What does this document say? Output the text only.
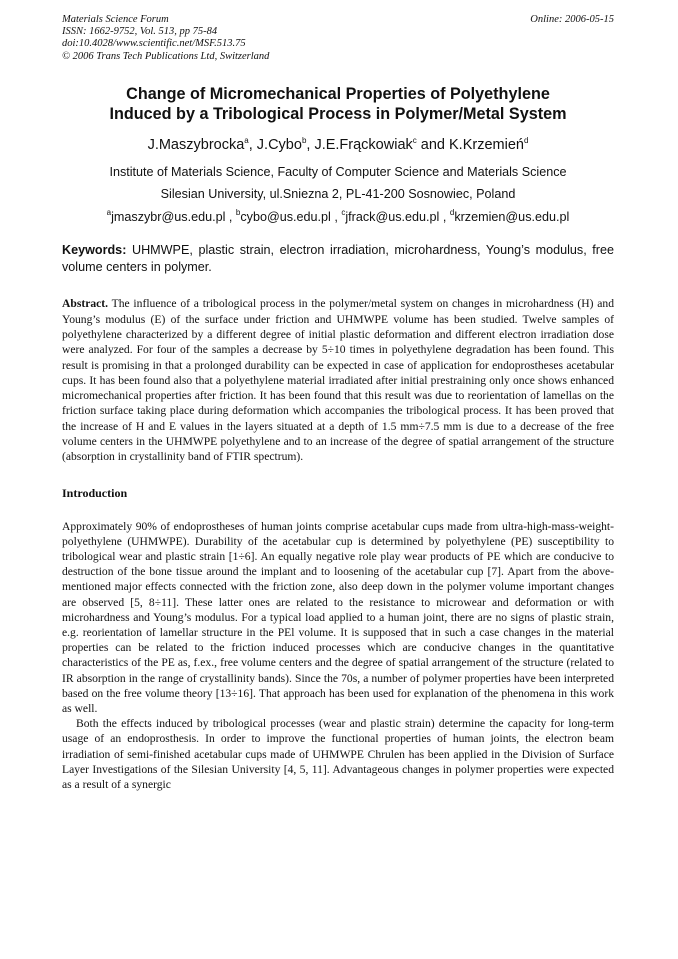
Materials Science Forum
ISSN: 1662-9752, Vol. 513, pp 75-84
doi:10.4028/www.scientific.net/MSF.513.75
© 2006 Trans Tech Publications Ltd, Switzerland
Online: 2006-05-15
Change of Micromechanical Properties of Polyethylene
Induced by a Tribological Process in Polymer/Metal System
J.Maszybrocka$^a$, J.Cybo$^b$, J.E.Frąckowiak$^c$ and K.Krzemień$^d$
Institute of Materials Science, Faculty of Computer Science and Materials Science
Silesian University, ul.Sniezna 2, PL-41-200 Sosnowiec, Poland
$^a$jmaszybr@us.edu.pl , $^b$cybo@us.edu.pl , $^c$jfrack@us.edu.pl , $^d$krzemien@us.edu.pl
Keywords: UHMWPE, plastic strain, electron irradiation, microhardness, Young’s modulus, free volume centers in polymer.
Abstract. The influence of a tribological process in the polymer/metal system on changes in microhardness (H) and Young’s modulus (E) of the surface under friction and UHMWPE volume has been studied. Twelve samples of polyethylene characterized by a different degree of initial plastic deformation and different electron irradiation dose were analyzed. For four of the samples a decrease by 5÷10 times in polyethylene degradation has been found. This result is promising in that a prolonged durability can be expected in case of application for endoprostheses acetabular cups. It has been found also that a polyethylene material irradiated after initial prestraining only once shows enhanced micromechanical properties after friction. It has been found that this result was due to reorientation of lamellas on the friction surface taking place during deformation which accompanies the tribological process. It has been proved that the increase of H and E values in the layers situated at a depth of 1.5 mm÷7.5 mm is due to a decrease of the free volume centers in the UHMWPE polyethylene and to an increase of the degree of spatial arrangement of the structure (absorption in crystallinity band of FTIR spectrum).
Introduction

Approximately 90% of endoprostheses of human joints comprise acetabular cups made from ultra-high-mass-weight-polyethylene (UHMWPE). Durability of the acetabular cup is determined by polyethylene (PE) susceptibility to tribological wear and plastic strain [1÷6]. An equally negative role play wear products of PE which are conducive to destruction of the bone tissue around the implant and to loosening of the acetabular cup [7]. Apart from the above-mentioned major effects connected with the friction zone, also deep down in the polymer volume important changes are observed [5, 8÷11]. These latter ones are related to the resistance to microwear and deformation or with microhardness and Young’s modulus. For a typical load applied to a human joint, there are no signs of plastic strain, e.g. reorientation of lamellar structure in the PEl volume. It is supposed that in such a case changes in the material properties can be related to the friction induced processes which are conducive changes in the quantitative characteristics of the PE as, f.ex., free volume centers and the degree of spatial arrangement of the structure (related to IR absorption in the range of crystallinity bands). Since the 70s, a number of polymer properties have been interpreted based on the free volume theory [13÷16]. That approach has been used for explanation of the phenomena in this work as well.

Both the effects induced by tribological processes (wear and plastic strain) determine the capacity for long-term usage of an endoprosthesis. In order to improve the functional properties of human joints, the electron beam irradiation of semi-finished acetabular cups made of UHMWPE Chrulen has been applied in the Division of Surface Layer Investigations of the Silesian University [4, 5, 11]. Advantageous changes in polymer properties were expected as a result of a synergic
